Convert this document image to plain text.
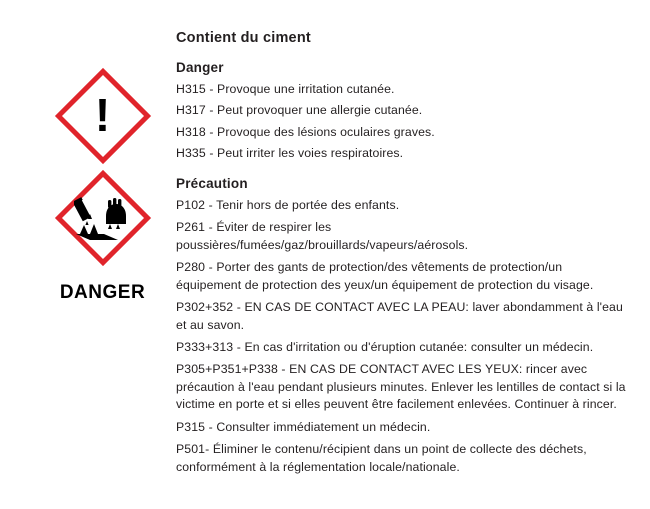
!
DANGER
Contient du ciment
Danger

H315 - Provoque une irritation cutanée.

H317 - Peut provoquer une allergie cutanée.

H318 - Provoque des lésions oculaires graves.

H335 - Peut irriter les voies respiratoires.

Précaution

P102 - Tenir hors de portée des enfants.

P261 - Éviter de respirer les poussières/fumées/gaz/brouillards/vapeurs/aérosols.

P280 - Porter des gants de protection/des vêtements de protection/un équipement de protection des yeux/un équipement de protection du visage.

P302+352 - EN CAS DE CONTACT AVEC LA PEAU: laver abondamment à l'eau et au savon.

P333+313 - En cas d'irritation ou d'éruption cutanée: consulter un médecin.

P305+P351+P338 - EN CAS DE CONTACT AVEC LES YEUX: rincer avec précaution à l'eau pendant plusieurs minutes. Enlever les lentilles de contact si la victime en porte et si elles peuvent être facilement enlevées. Continuer à rincer.

P315 - Consulter immédiatement un médecin.

P501- Éliminer le contenu/récipient dans un point de collecte des déchets, conformément à la réglementation locale/nationale.
